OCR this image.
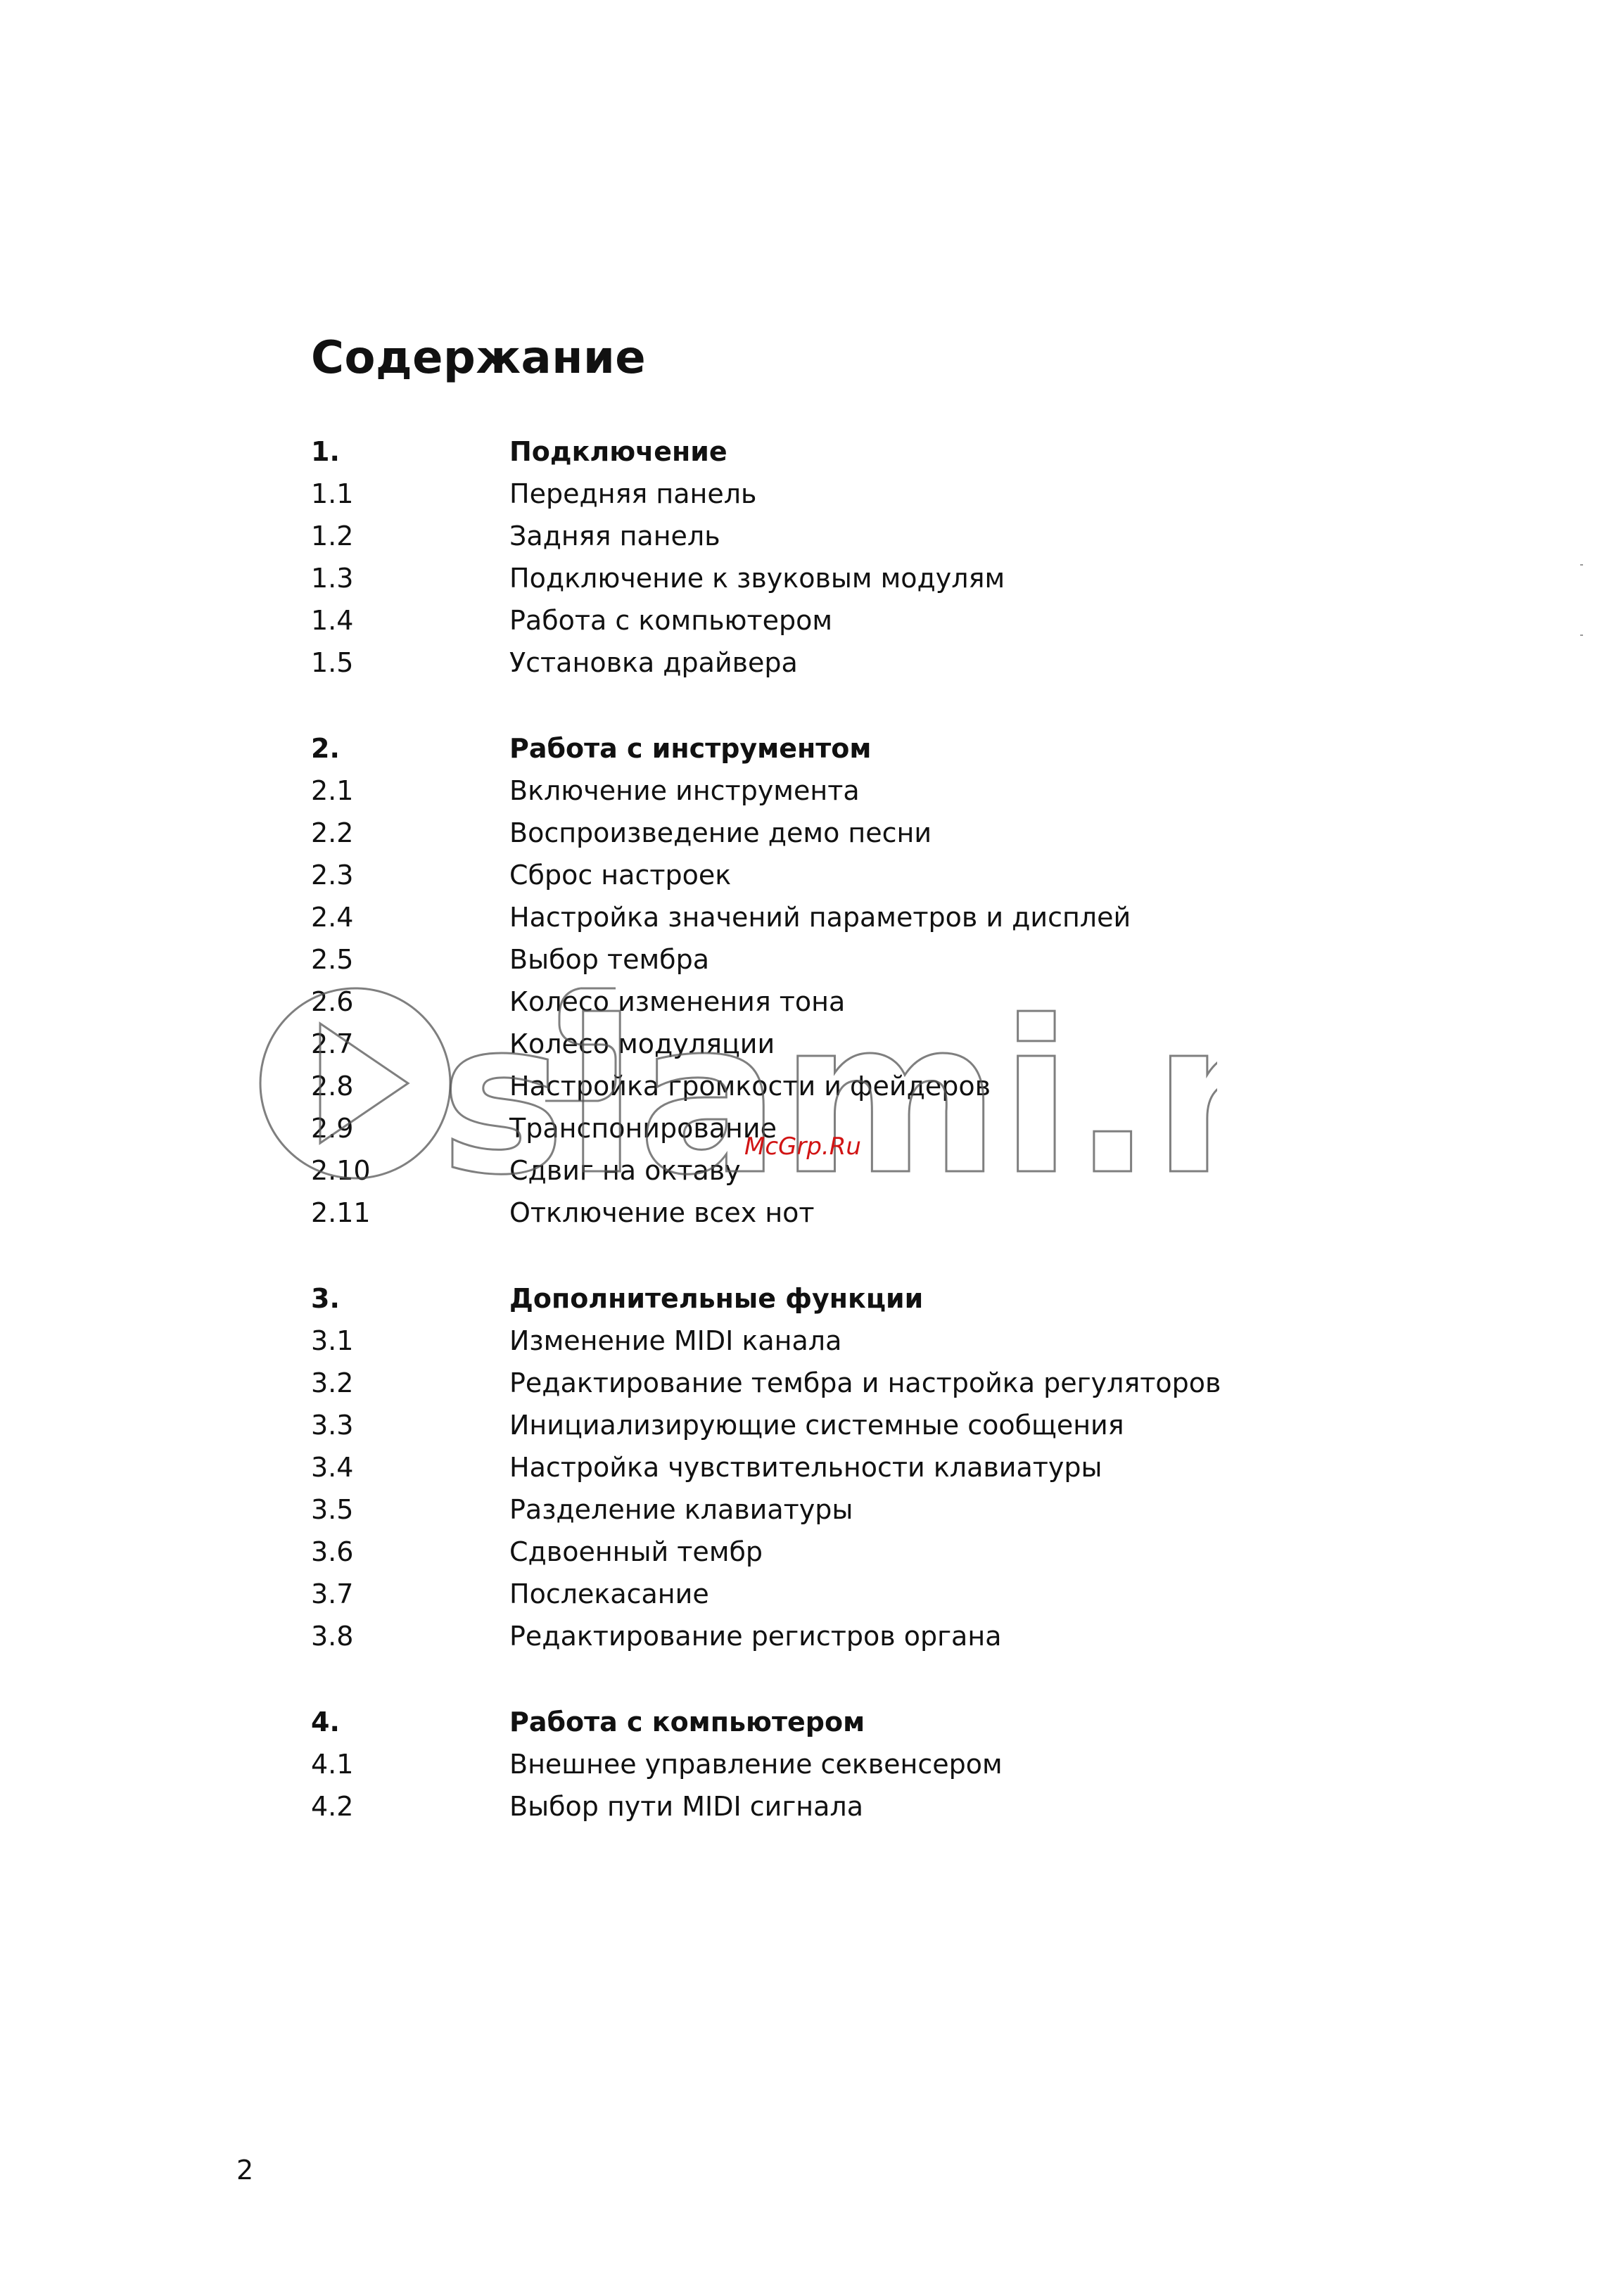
Содержание
1.	Подключение
1.1	Передняя панель
1.2	Задняя панель
1.3	Подключение к звуковым модулям
1.4	Работа с компьютером
1.5	Установка драйвера
2.	Работа с инструментом
2.1	Включение инструмента
2.2	Воспроизведение демо песни
2.3	Сброс настроек
2.4	Настройка значений параметров и дисплей
2.5	Выбор тембра
2.6	Колесо изменения тона
2.7	Колесо модуляции
2.8	Настройка громкости и фейдеров
2.9	Транспонирование
2.10	Сдвиг на октаву
2.11	Отключение всех нот
3.	Дополнительные функции
3.1	Изменение MIDI канала
3.2	Редактирование тембра и настройка регуляторов
3.3	Инициализирующие системные сообщения
3.4	Настройка чувствительности клавиатуры
3.5	Разделение клавиатуры
3.6	Сдвоенный тембр
3.7	Послекасание
3.8	Редактирование регистров органа
4.	Работа с компьютером
4.1	Внешнее управление секвенсером
4.2	Выбор пути MIDI сигнала
slami.r
McGrp.Ru
2
